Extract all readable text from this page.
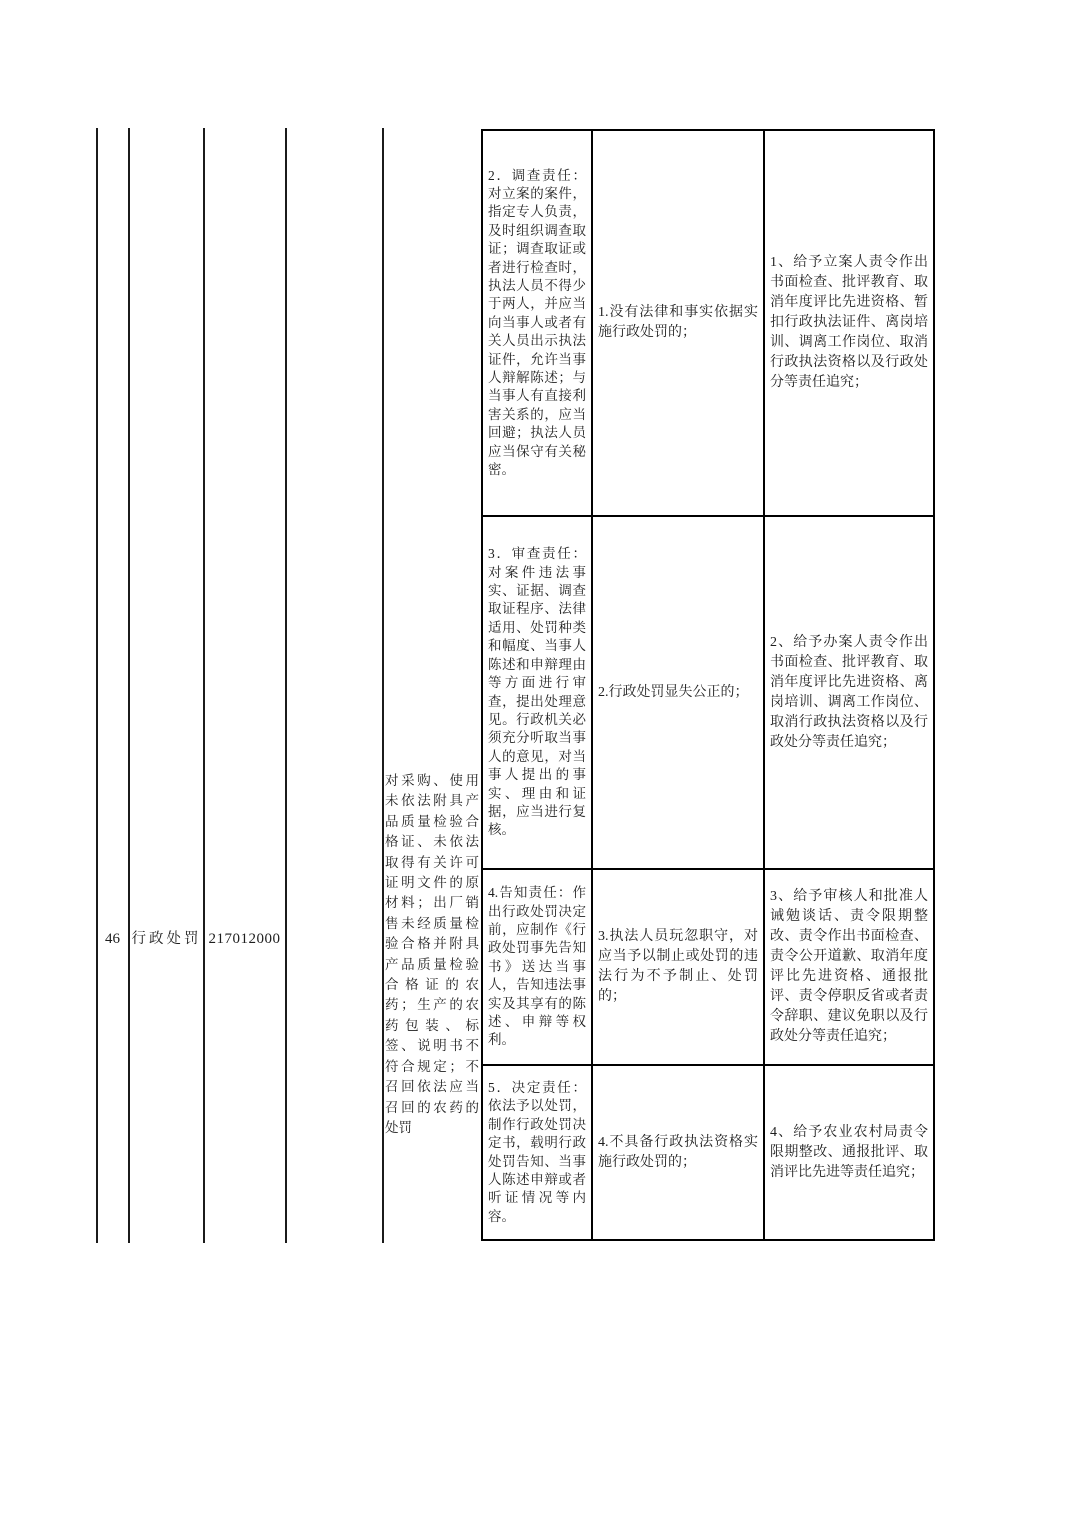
46 行政处罚 217012000
对采购、使用未依法附具产品质量检验合格证、未依法取得有关许可证明文件的原材料；出厂销售未经质量检验合格并附具产品质量检验合格证的农药；生产的农药包装、标签、说明书不符合规定；不召回依法应当召回的农药的处罚
2．调查责任：对立案的案件，指定专人负责，及时组织调查取证；调查取证或者进行检查时，执法人员不得少于两人，并应当向当事人或者有关人员出示执法证件，允许当事人辩解陈述；与当事人有直接利害关系的，应当回避；执法人员应当保守有关秘密。
1.没有法律和事实依据实施行政处罚的；
1、给予立案人责令作出书面检查、批评教育、取消年度评比先进资格、暂扣行政执法证件、离岗培训、调离工作岗位、取消行政执法资格以及行政处分等责任追究；
3．审查责任：对案件违法事实、证据、调查取证程序、法律适用、处罚种类和幅度、当事人陈述和申辩理由等方面进行审查，提出处理意见。行政机关必须充分听取当事人的意见，对当事人提出的事实、理由和证据，应当进行复核。
2.行政处罚显失公正的；
2、给予办案人责令作出书面检查、批评教育、取消年度评比先进资格、离岗培训、调离工作岗位、取消行政执法资格以及行政处分等责任追究；
4.告知责任：作出行政处罚决定前，应制作《行政处罚事先告知书》送达当事人，告知违法事实及其享有的陈述、申辩等权利。
3.执法人员玩忽职守，对应当予以制止或处罚的违法行为不予制止、处罚的；
3、给予审核人和批准人诫勉谈话、责令限期整改、责令作出书面检查、责令公开道歉、取消年度评比先进资格、通报批评、责令停职反省或者责令辞职、建议免职以及行政处分等责任追究；
5．决定责任：依法予以处罚，制作行政处罚决定书，载明行政处罚告知、当事人陈述申辩或者听证情况等内容。
4.不具备行政执法资格实施行政处罚的；
4、给予农业农村局责令限期整改、通报批评、取消评比先进等责任追究；
